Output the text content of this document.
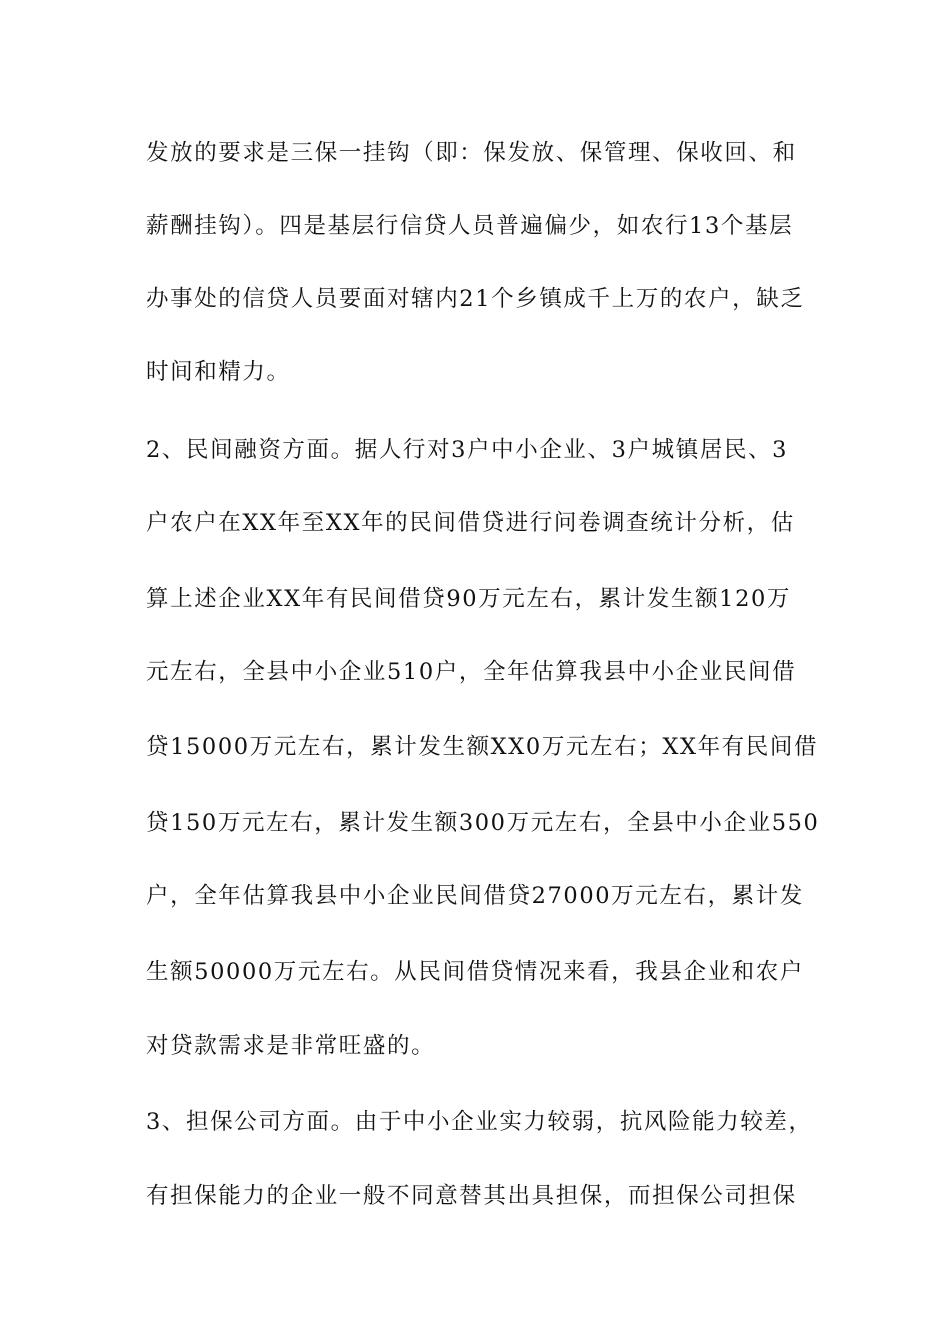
发放的要求是三保一挂钩（即：保发放、保管理、保收回、和
薪酬挂钩）。四是基层行信贷人员普遍偏少，如农行13个基层
办事处的信贷人员要面对辖内21个乡镇成千上万的农户，缺乏
时间和精力。
2、民间融资方面。据人行对3户中小企业、3户城镇居民、3
户农户在XX年至XX年的民间借贷进行问卷调查统计分析，估
算上述企业XX年有民间借贷90万元左右，累计发生额120万
元左右，全县中小企业510户，全年估算我县中小企业民间借
贷15000万元左右，累计发生额XX0万元左右；XX年有民间借
贷150万元左右，累计发生额300万元左右，全县中小企业550
户，全年估算我县中小企业民间借贷27000万元左右，累计发
生额50000万元左右。从民间借贷情况来看，我县企业和农户
对贷款需求是非常旺盛的。
3、担保公司方面。由于中小企业实力较弱，抗风险能力较差，
有担保能力的企业一般不同意替其出具担保，而担保公司担保
